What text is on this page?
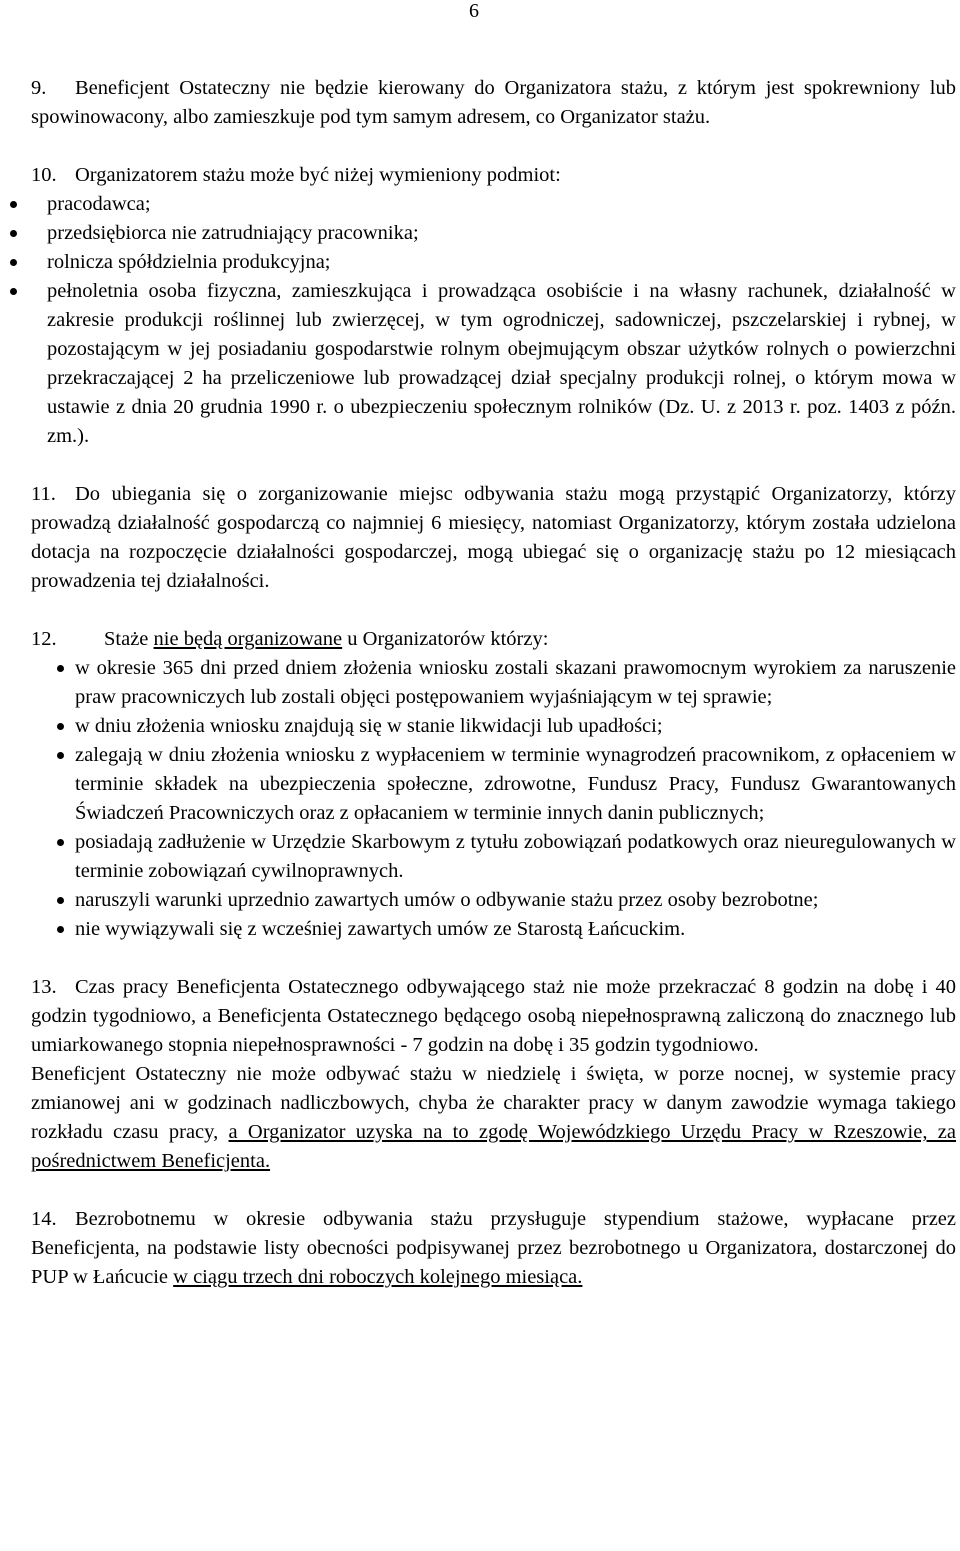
6
9. Beneficjent Ostateczny nie będzie kierowany do Organizatora stażu, z którym jest spokrewniony lub spowinowacony, albo zamieszkuje pod tym samym adresem, co Organizator stażu.

10. Organizatorem stażu może być niżej wymieniony podmiot:

pracodawca;
przedsiębiorca nie zatrudniający pracownika;
rolnicza spółdzielnia produkcyjna;
pełnoletnia osoba fizyczna, zamieszkująca i prowadząca osobiście i na własny rachunek, działalność w zakresie produkcji roślinnej lub zwierzęcej, w tym ogrodniczej, sadowniczej, pszczelarskiej i rybnej, w pozostającym w jej posiadaniu gospodarstwie rolnym obejmującym obszar użytków rolnych o powierzchni przekraczającej 2 ha przeliczeniowe lub prowadzącej dział specjalny produkcji rolnej, o którym mowa w ustawie z dnia 20 grudnia 1990 r. o ubezpieczeniu społecznym rolników (Dz. U. z 2013 r. poz. 1403 z późn. zm.).
11. Do ubiegania się o zorganizowanie miejsc odbywania stażu mogą przystąpić Organizatorzy, którzy prowadzą działalność gospodarczą co najmniej 6 miesięcy, natomiast Organizatorzy, którym została udzielona dotacja na rozpoczęcie działalności gospodarczej, mogą ubiegać się o organizację stażu po 12 miesiącach prowadzenia tej działalności.

12. Staże nie będą organizowane u Organizatorów którzy:

w okresie 365 dni przed dniem złożenia wniosku zostali skazani prawomocnym wyrokiem za naruszenie praw pracowniczych lub zostali objęci postępowaniem wyjaśniającym w tej sprawie;
w dniu złożenia wniosku znajdują się w stanie likwidacji lub upadłości;
zalegają w dniu złożenia wniosku z wypłaceniem w terminie wynagrodzeń pracownikom, z opłaceniem w terminie składek na ubezpieczenia społeczne, zdrowotne, Fundusz Pracy, Fundusz Gwarantowanych Świadczeń Pracowniczych oraz z opłacaniem w terminie innych danin publicznych;
posiadają zadłużenie w Urzędzie Skarbowym z tytułu zobowiązań podatkowych oraz nieuregulowanych w terminie zobowiązań cywilnoprawnych.
naruszyli warunki uprzednio zawartych umów o odbywanie stażu przez osoby bezrobotne;
nie wywiązywali się z wcześniej zawartych umów ze Starostą Łańcuckim.

13. Czas pracy Beneficjenta Ostatecznego odbywającego staż nie może przekraczać 8 godzin na dobę i 40 godzin tygodniowo, a Beneficjenta Ostatecznego będącego osobą niepełnosprawną zaliczoną do znacznego lub umiarkowanego stopnia niepełnosprawności - 7 godzin na dobę i 35 godzin tygodniowo.

Beneficjent Ostateczny nie może odbywać stażu w niedzielę i święta, w porze nocnej, w systemie pracy zmianowej ani w godzinach nadliczbowych, chyba że charakter pracy w danym zawodzie wymaga takiego rozkładu czasu pracy, a Organizator uzyska na to zgodę Wojewódzkiego Urzędu Pracy w Rzeszowie, za pośrednictwem Beneficjenta.

14. Bezrobotnemu w okresie odbywania stażu przysługuje stypendium stażowe, wypłacane przez Beneficjenta, na podstawie listy obecności podpisywanej przez bezrobotnego u Organizatora, dostarczonej do PUP w Łańcucie w ciągu trzech dni roboczych kolejnego miesiąca.
